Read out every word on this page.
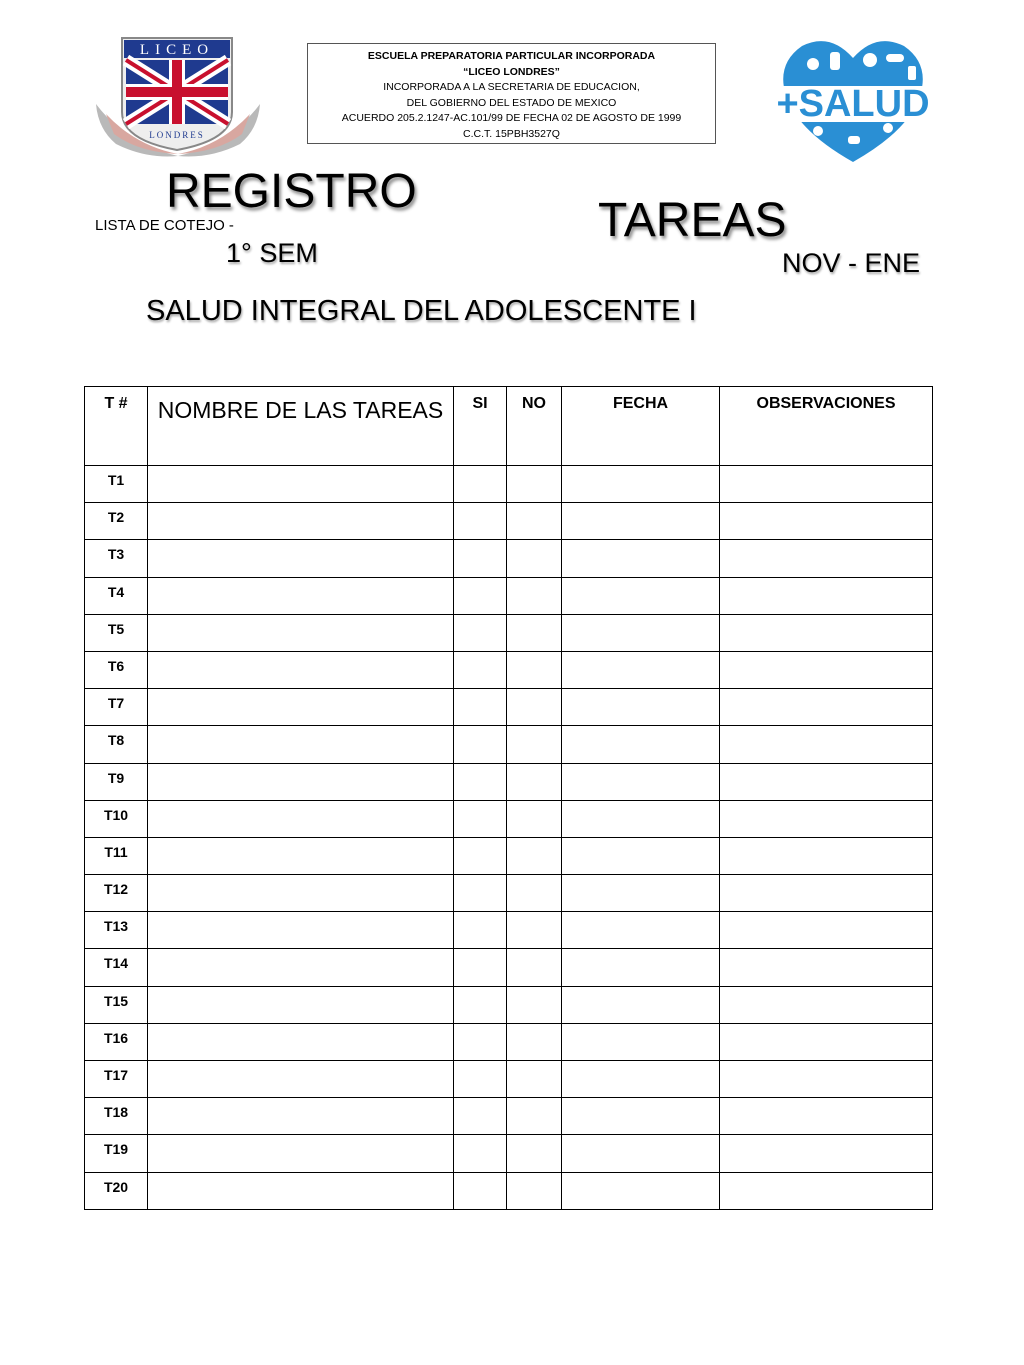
LICEO
LONDRES
ESCUELA PREPARATORIA PARTICULAR INCORPORADA
“LICEO LONDRES”
INCORPORADA A LA SECRETARIA DE EDUCACION,
DEL GOBIERNO DEL ESTADO DE MEXICO
ACUERDO 205.2.1247-AC.101/99 DE FECHA 02 DE AGOSTO DE 1999
C.C.T. 15PBH3527Q
+SALUD
REGISTRO
LISTA DE COTEJO -	TAREAS
1° SEM	NOV - ENE
SALUD INTEGRAL DEL ADOLESCENTE I
T #	NOMBRE DE LAS TAREAS	SI	NO	FECHA	OBSERVACIONES
T1					
T2					
T3					
T4					
T5					
T6					
T7					
T8					
T9					
T10					
T11					
T12					
T13					
T14					
T15					
T16					
T17					
T18					
T19					
T20					
